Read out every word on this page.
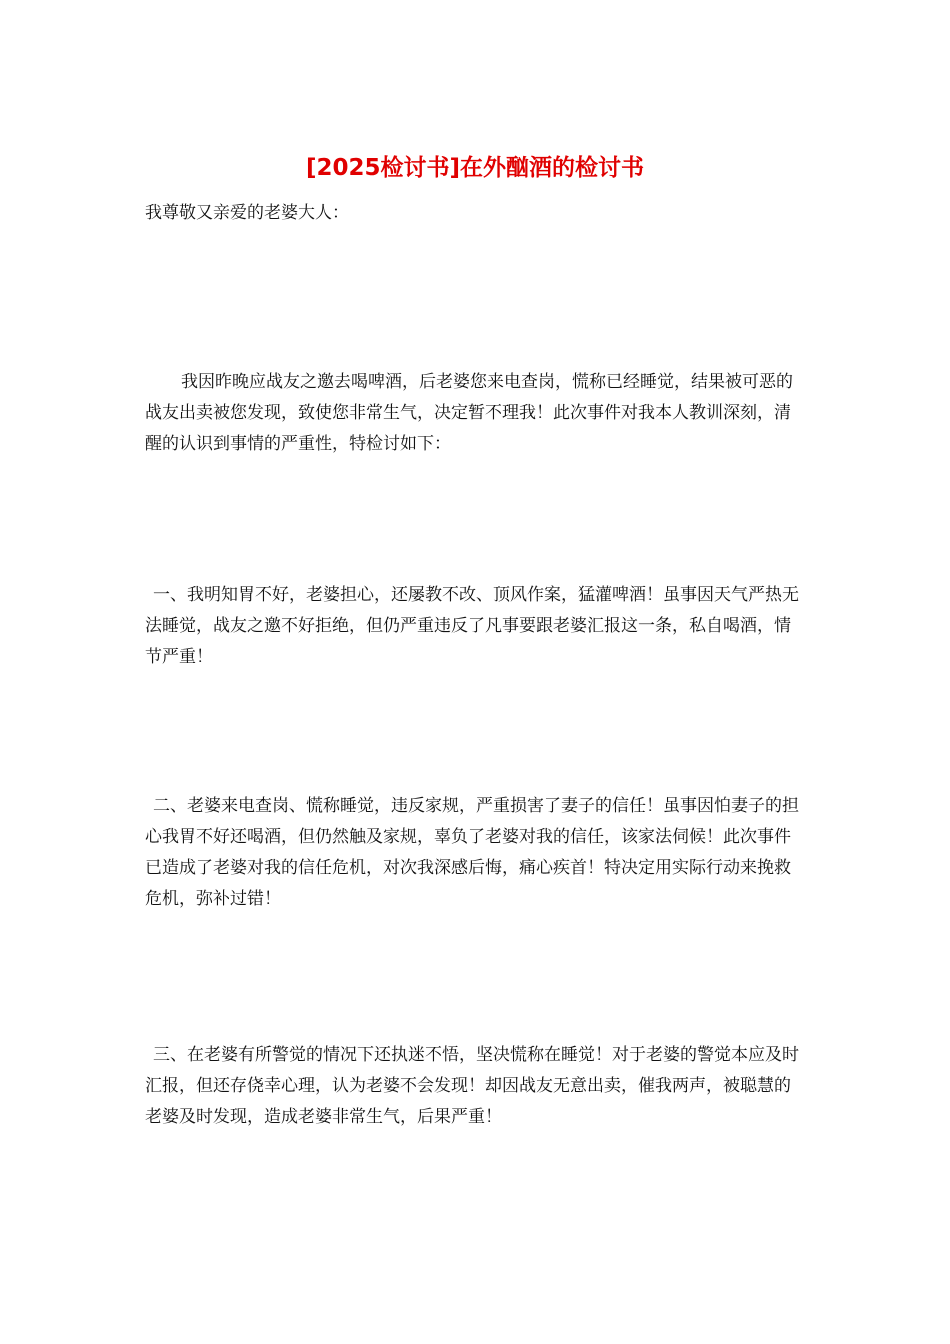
[2025检讨书]在外酗酒的检讨书

我尊敬又亲爱的老婆大人：

我因昨晚应战友之邀去喝啤酒，后老婆您来电查岗，慌称已经睡觉，结果被可恶的战友出卖被您发现，致使您非常生气，决定暂不理我！此次事件对我本人教训深刻，清醒的认识到事情的严重性，特检讨如下：

一、我明知胃不好，老婆担心，还屡教不改、顶风作案，猛灌啤酒！虽事因天气严热无法睡觉，战友之邀不好拒绝，但仍严重违反了凡事要跟老婆汇报这一条，私自喝酒，情节严重！

二、老婆来电查岗、慌称睡觉，违反家规，严重损害了妻子的信任！虽事因怕妻子的担心我胃不好还喝酒，但仍然触及家规，辜负了老婆对我的信任，该家法伺候！此次事件已造成了老婆对我的信任危机，对次我深感后悔，痛心疾首！特决定用实际行动来挽救危机，弥补过错！

三、在老婆有所警觉的情况下还执迷不悟，坚决慌称在睡觉！对于老婆的警觉本应及时汇报，但还存侥幸心理，认为老婆不会发现！却因战友无意出卖，催我两声，被聪慧的老婆及时发现，造成老婆非常生气，后果严重！
